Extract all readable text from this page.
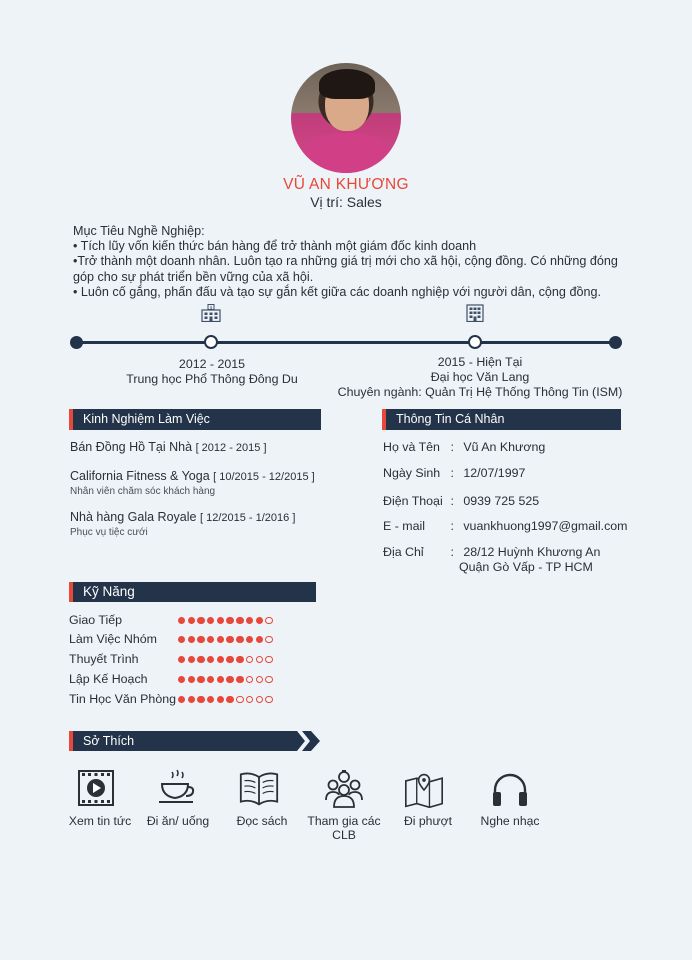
VŨ AN KHƯƠNG
Vị trí: Sales
Mục Tiêu Nghề Nghiệp:
• Tích lũy vốn kiến thức bán hàng để trở thành một giám đốc kinh doanh
•Trở thành một doanh nhân. Luôn tạo ra những giá trị mới cho xã hội, cộng đồng. Có những đóng
góp cho sự phát triển bền vững của xã hội.
• Luôn cố gắng, phấn đấu và tạo sự gắn kết giữa các doanh nghiệp với người dân, cộng đồng.
$
2012 - 2015
Trung học Phổ Thông Đông Du
2015 - Hiện Tại
Đại học Văn Lang
Chuyên ngành: Quản Trị Hệ Thống Thông Tin (ISM)
Kinh Nghiệm Làm Việc
Bán Đồng Hồ Tại Nhà [ 2012 - 2015 ]
California Fitness & Yoga [ 10/2015 - 12/2015 ]
Nhân viên chăm sóc khách hàng
Nhà hàng Gala Royale [ 12/2015 - 1/2016 ]
Phục vụ tiệc cưới
Thông Tin Cá Nhân
Họ và Tên : Vũ An Khương
Ngày Sinh : 12/07/1997
Điện Thoại : 0939 725 525
E - mail : vuankhuong1997@gmail.com
Địa Chỉ : 28/12 Huỳnh Khương An
Quận Gò Vấp - TP HCM
Kỹ Năng
Giao Tiếp
Làm Việc Nhóm
Thuyết Trình
Lập Kế Hoạch
Tin Học Văn Phòng
Sở Thích
Xem tin tức	Đi ăn/ uống	Đọc sách	Tham gia các CLB
Đi phượt	Nghe nhạc
